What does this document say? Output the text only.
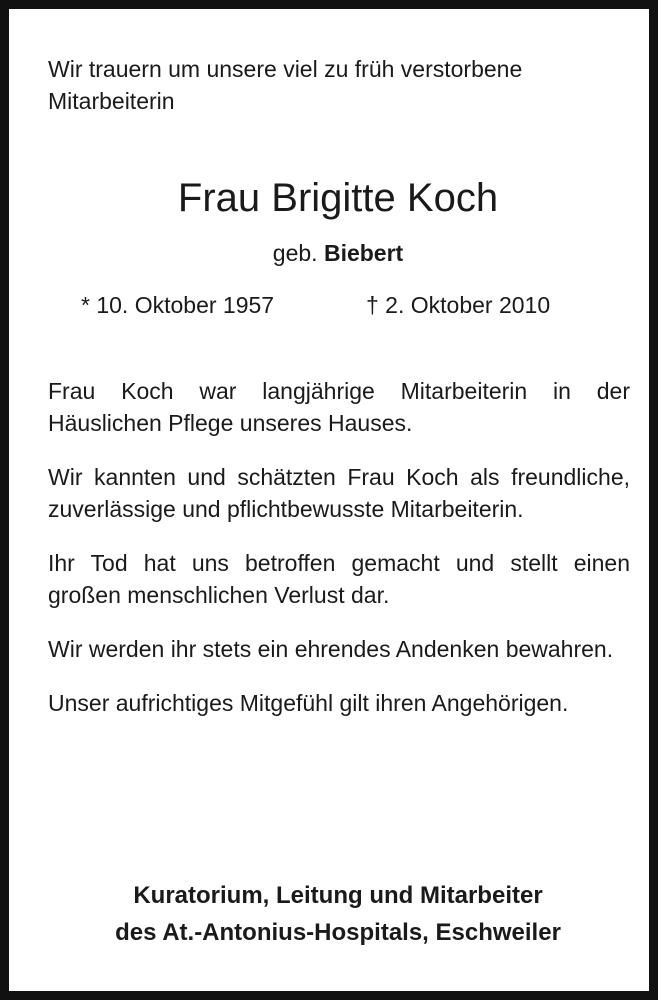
Wir trauern um unsere viel zu früh verstorbene Mitarbeiterin
Frau Brigitte Koch
geb. Biebert
* 10. Oktober 1957	† 2. Oktober 2010

Frau Koch war langjährige Mitarbeiterin in der Häuslichen Pflege unseres Hauses.

Wir kannten und schätzten Frau Koch als freundliche, zuverlässige und pflichtbewusste Mitarbeiterin.

Ihr Tod hat uns betroffen gemacht und stellt einen großen menschlichen Verlust dar.

Wir werden ihr stets ein ehrendes Andenken bewahren.

Unser aufrichtiges Mitgefühl gilt ihren Angehörigen.

Kuratorium, Leitung und Mitarbeiter
des At.-Antonius-Hospitals, Eschweiler
